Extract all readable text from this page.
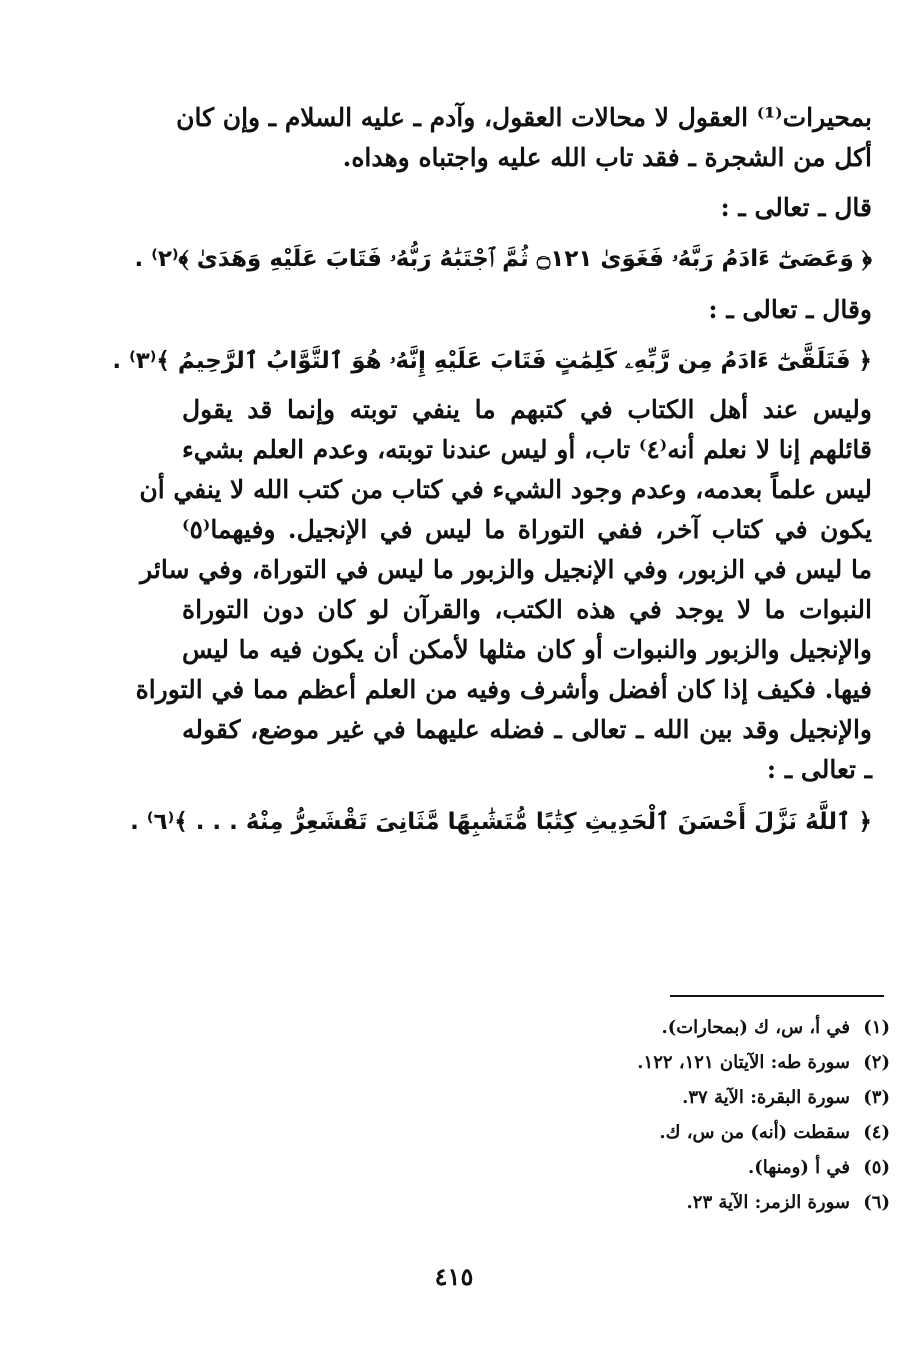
بمحيرات⁽¹⁾ العقول لا محالات العقول، وآدم ـ عليه السلام ـ وإن كان
أكل من الشجرة ـ فقد تاب الله عليه واجتباه وهداه.
قال ـ تعالى ـ :
﴿ وَعَصَىٰٓ ءَادَمُ رَبَّهُۥ فَغَوَىٰ ۝١٢١ ثُمَّ ٱجْتَبَٰهُ رَبُّهُۥ فَتَابَ عَلَيْهِ وَهَدَىٰ ﴾⁽٢⁾ .
وقال ـ تعالى ـ :
﴿ فَتَلَقَّىٰٓ ءَادَمُ مِن رَّبِّهِۦ كَلِمَٰتٍ فَتَابَ عَلَيْهِ إِنَّهُۥ هُوَ ٱلتَّوَّابُ ٱلرَّحِيمُ ﴾⁽٣⁾ .
وليس عند أهل الكتاب في كتبهم ما ينفي توبته وإنما قد يقول
قائلهم إنا لا نعلم أنه⁽٤⁾ تاب، أو ليس عندنا توبته، وعدم العلم بشيء
ليس علماً بعدمه، وعدم وجود الشيء في كتاب من كتب الله لا ينفي أن
يكون في كتاب آخر، ففي التوراة ما ليس في الإنجيل. وفيهما⁽٥⁾
ما ليس في الزبور، وفي الإنجيل والزبور ما ليس في التوراة، وفي سائر
النبوات ما لا يوجد في هذه الكتب، والقرآن لو كان دون التوراة
والإنجيل والزبور والنبوات أو كان مثلها لأمكن أن يكون فيه ما ليس
فيها. فكيف إذا كان أفضل وأشرف وفيه من العلم أعظم مما في التوراة
والإنجيل وقد بين الله ـ تعالى ـ فضله عليهما في غير موضع، كقوله
ـ تعالى ـ :
﴿ ٱللَّهُ نَزَّلَ أَحْسَنَ ٱلْحَدِيثِ كِتَٰبًا مُّتَشَٰبِهًا مَّثَانِىَ تَقْشَعِرُّ مِنْهُ . . . ﴾⁽٦⁾ .
(١)في أ، س، ك (بمحارات).
(٢)سورة طه: الآيتان ١٢١، ١٢٢.
(٣)سورة البقرة: الآية ٣٧.
(٤)سقطت (أنه) من س، ك.
(٥)في أ (ومنها).
(٦)سورة الزمر: الآية ٢٣.
٤١٥
